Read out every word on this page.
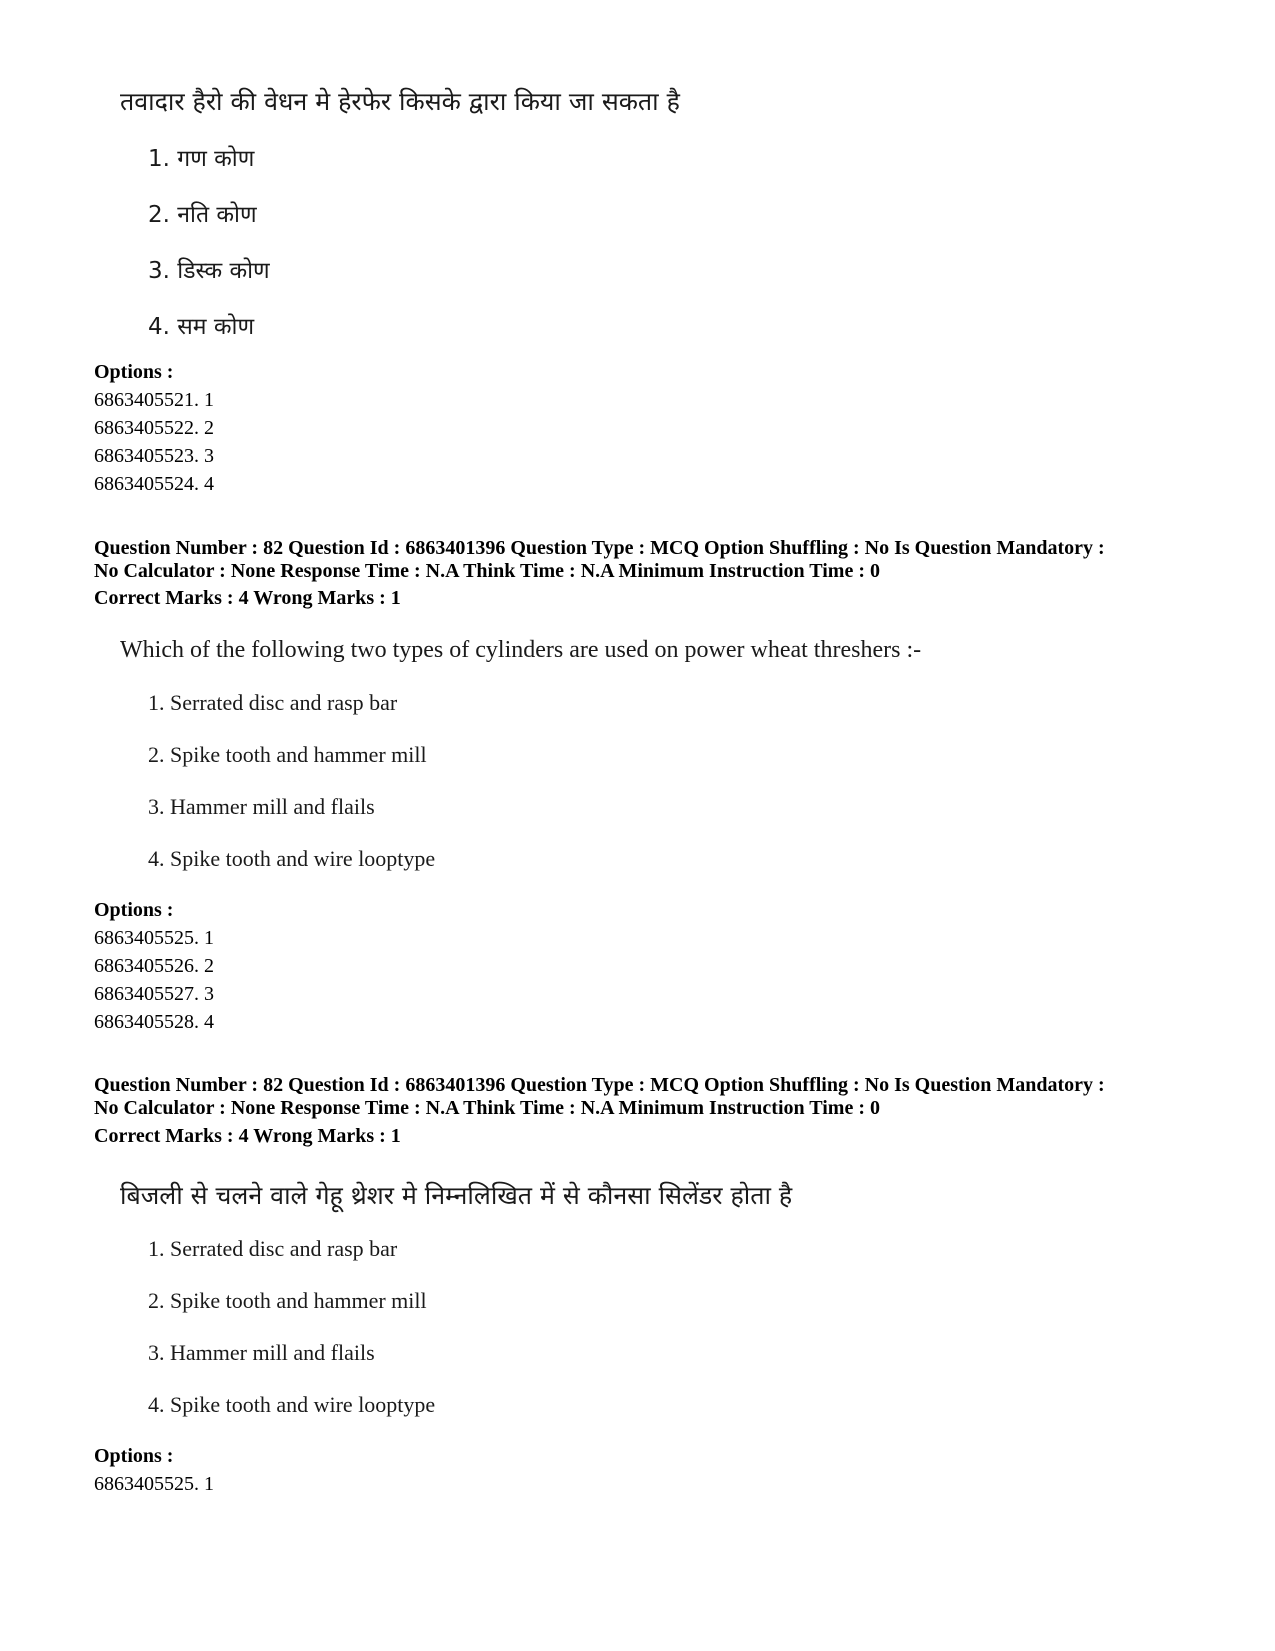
तवादार हैरो की वेधन मे हेरफेर किसके द्वारा किया जा सकता है
1. गण कोण
2. नति कोण
3. डिस्क कोण
4. सम कोण
Options :
6863405521. 1
6863405522. 2
6863405523. 3
6863405524. 4
Question Number : 82 Question Id : 6863401396 Question Type : MCQ Option Shuffling : No Is Question Mandatory :
No Calculator : None Response Time : N.A Think Time : N.A Minimum Instruction Time : 0
Correct Marks : 4 Wrong Marks : 1
Which of the following two types of cylinders are used on power wheat threshers :-
1. Serrated disc and rasp bar
2. Spike tooth and hammer mill
3. Hammer mill and flails
4. Spike tooth and wire looptype
Options :
6863405525. 1
6863405526. 2
6863405527. 3
6863405528. 4
Question Number : 82 Question Id : 6863401396 Question Type : MCQ Option Shuffling : No Is Question Mandatory :
No Calculator : None Response Time : N.A Think Time : N.A Minimum Instruction Time : 0
Correct Marks : 4 Wrong Marks : 1
बिजली से चलने वाले गेहू थ्रेशर मे निम्नलिखित में से कौनसा सिलेंडर होता है
1. Serrated disc and rasp bar
2. Spike tooth and hammer mill
3. Hammer mill and flails
4. Spike tooth and wire looptype
Options :
6863405525. 1
